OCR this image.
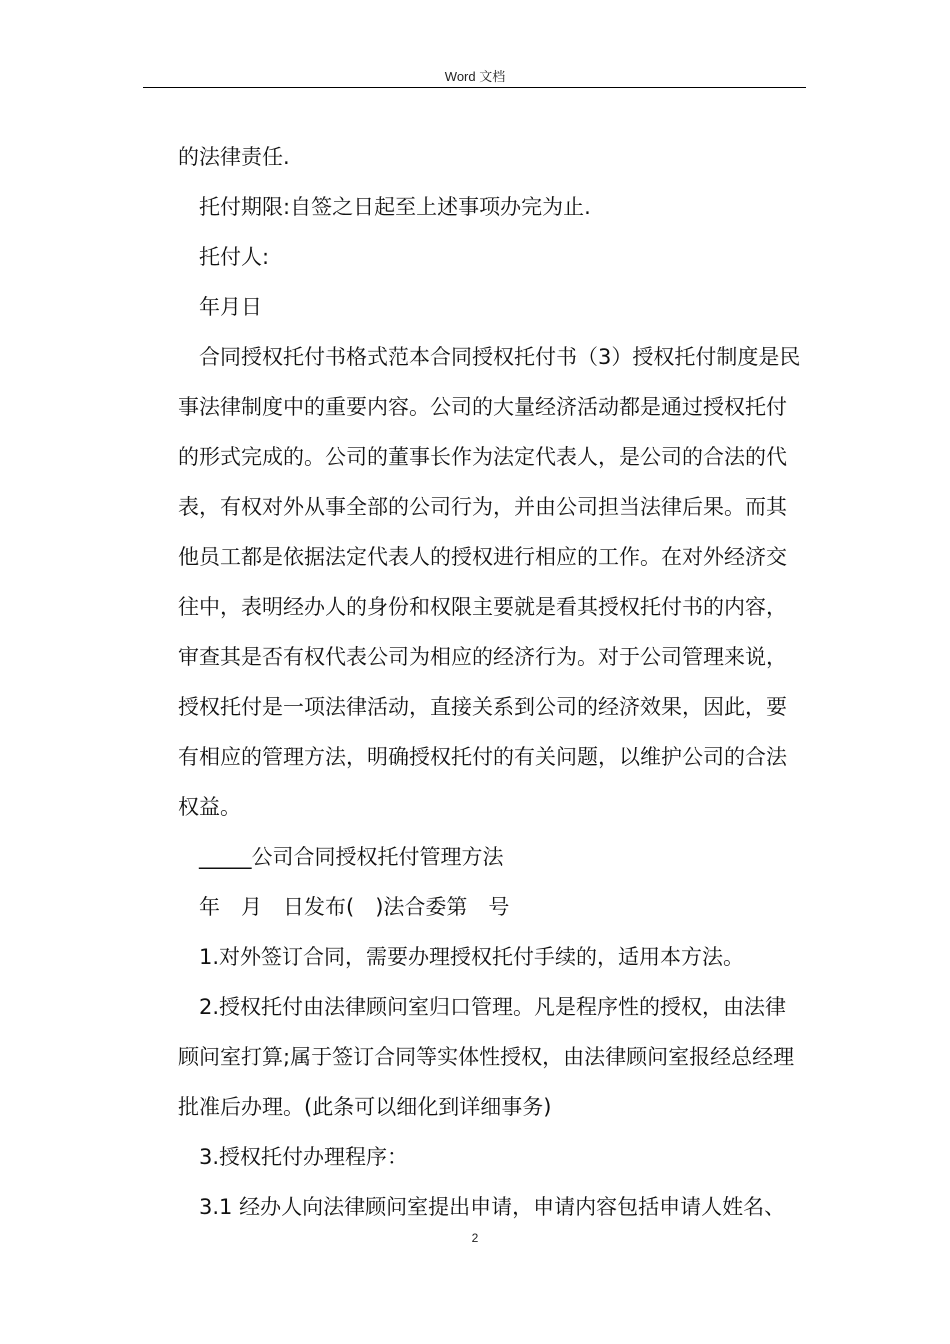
Word 文档

的法律责任.

托付期限:自签之日起至上述事项办完为止.

托付人:

年月日

合同授权托付书格式范本合同授权托付书（3）授权托付制度是民事法律制度中的重要内容。公司的大量经济活动都是通过授权托付的形式完成的。公司的董事长作为法定代表人，是公司的合法的代表，有权对外从事全部的公司行为，并由公司担当法律后果。而其他员工都是依据法定代表人的授权进行相应的工作。在对外经济交往中，表明经办人的身份和权限主要就是看其授权托付书的内容，审查其是否有权代表公司为相应的经济行为。对于公司管理来说，授权托付是一项法律活动，直接关系到公司的经济效果，因此，要有相应的管理方法，明确授权托付的有关问题，以维护公司的合法权益。

_____公司合同授权托付管理方法

年　月　日发布(　)法合委第　号

1.对外签订合同，需要办理授权托付手续的，适用本方法。

2.授权托付由法律顾问室归口管理。凡是程序性的授权，由法律顾问室打算;属于签订合同等实体性授权，由法律顾问室报经总经理批准后办理。(此条可以细化到详细事务)

3.授权托付办理程序：

3.1 经办人向法律顾问室提出申请，申请内容包括申请人姓名、

2
